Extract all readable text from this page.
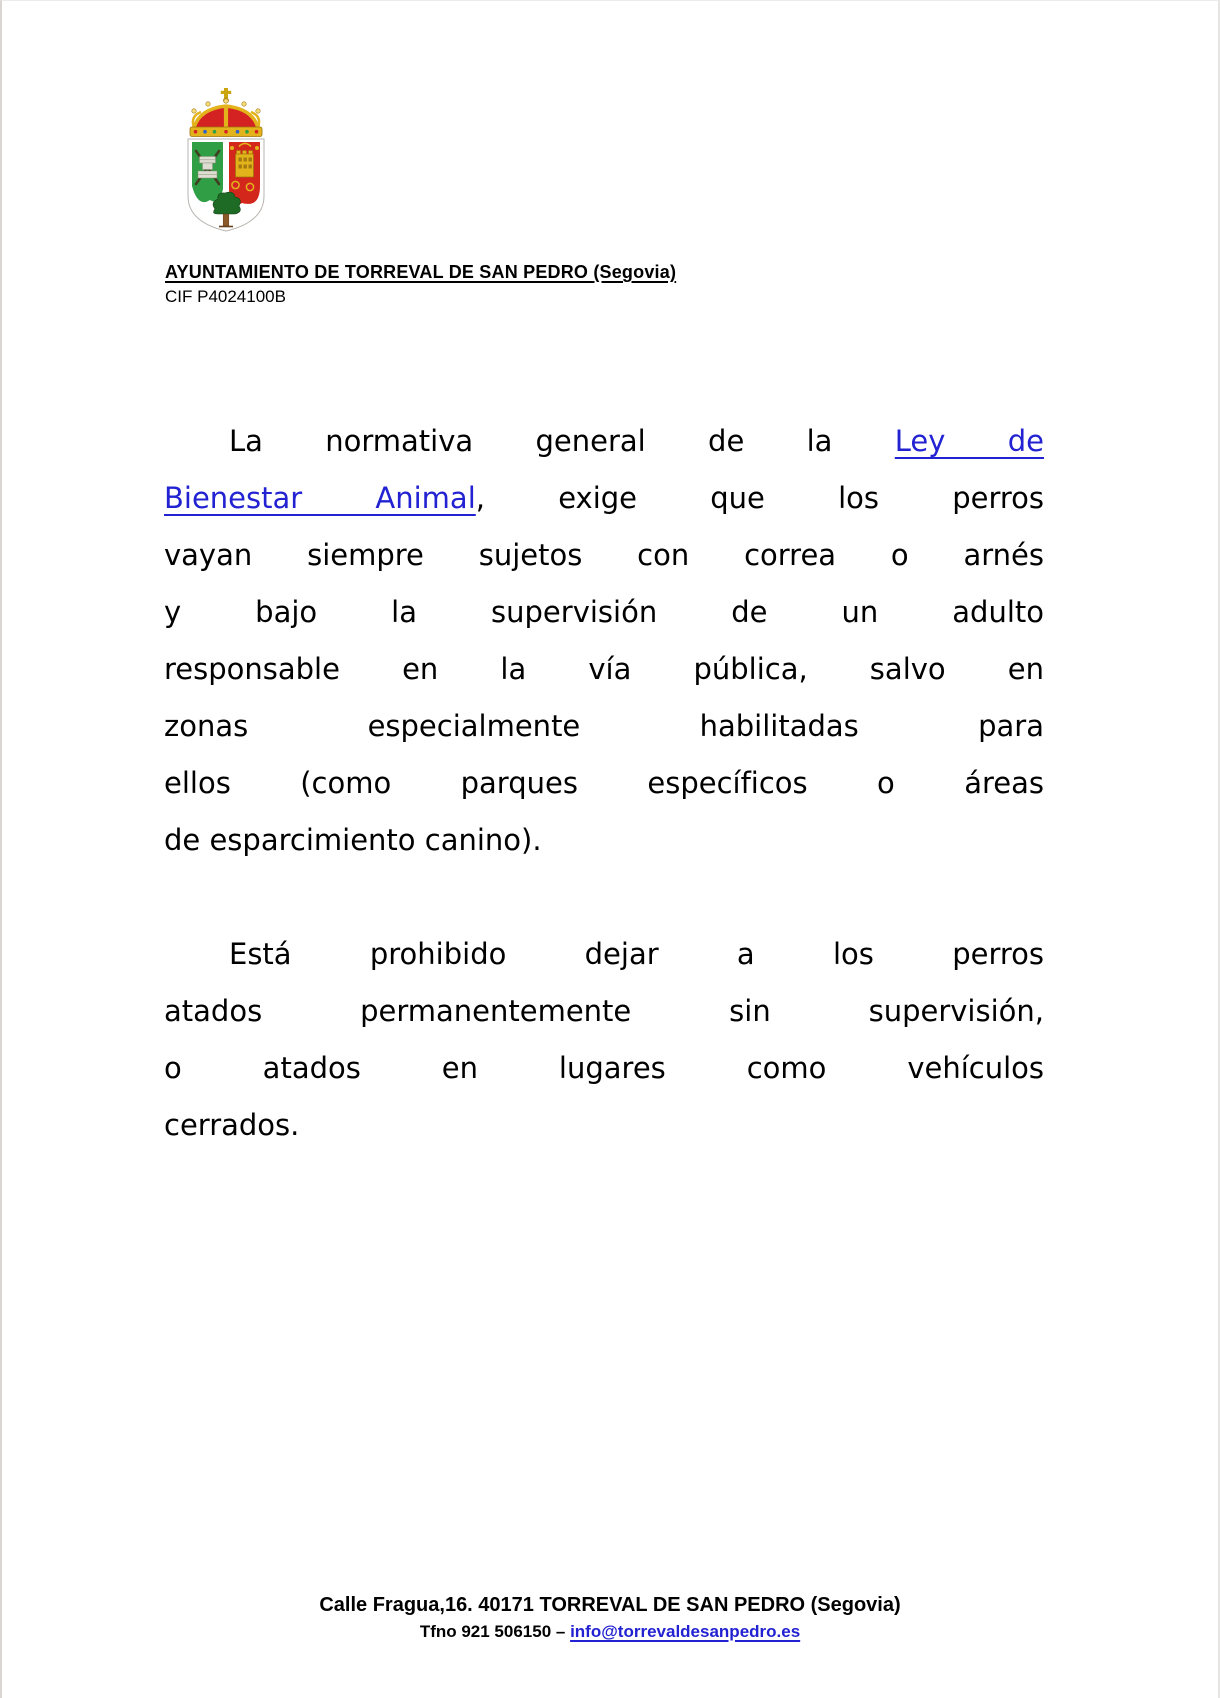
AYUNTAMIENTO DE TORREVAL DE SAN PEDRO (Segovia)
CIF P4024100B
La normativa general de la Ley de
Bienestar Animal, exige que los perros
vayan siempre sujetos con correa o arnés
y bajo la supervisión de un adulto
responsable en la vía pública, salvo en
zonas especialmente habilitadas para
ellos (como parques específicos o áreas
de esparcimiento canino).
Está prohibido dejar a los perros
atados permanentemente sin supervisión,
o atados en lugares como vehículos
cerrados.
Calle Fragua,16. 40171 TORREVAL DE SAN PEDRO (Segovia)
Tfno 921 506150 – info@torrevaldesanpedro.es
